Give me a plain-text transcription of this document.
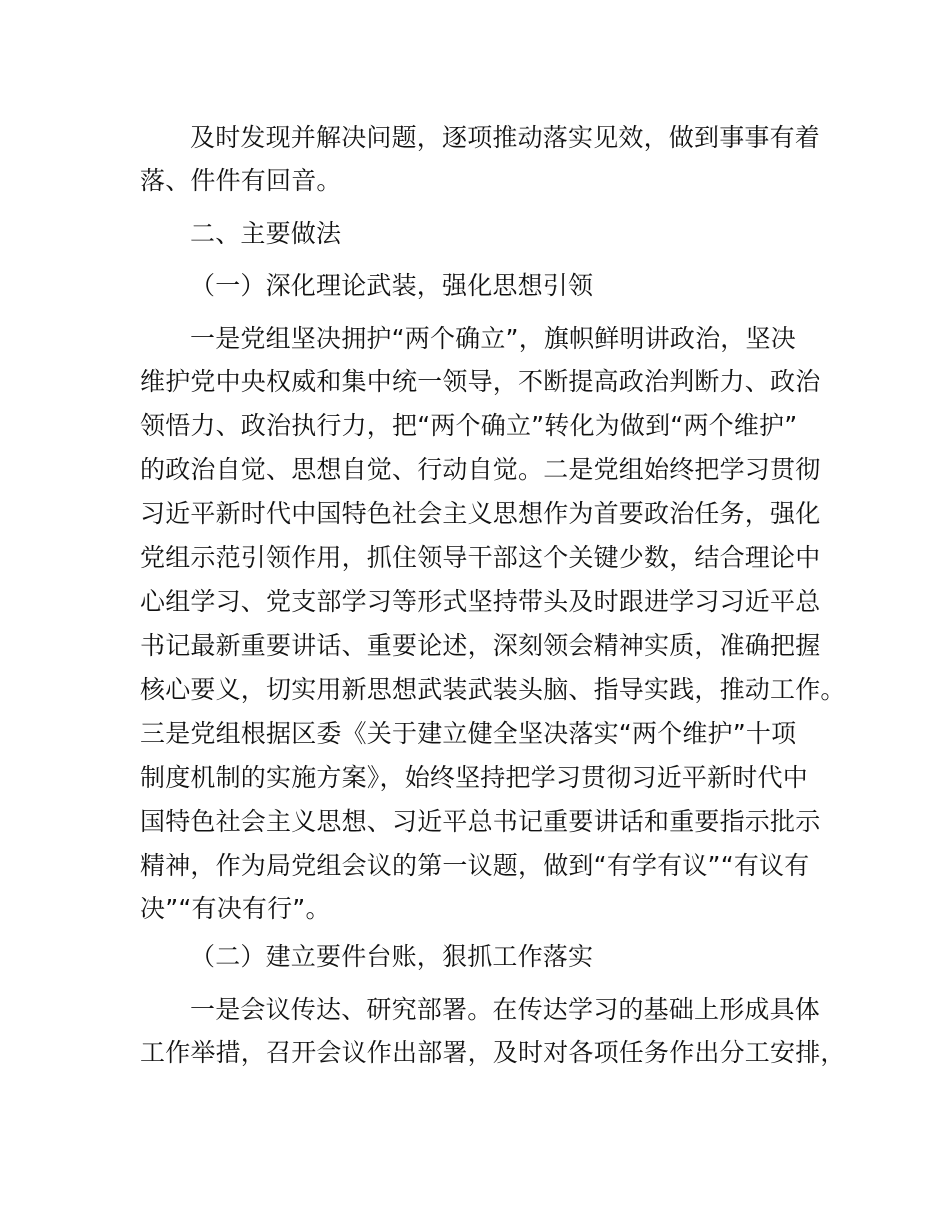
及时发现并解决问题，逐项推动落实见效，做到事事有着

落、件件有回音。

二、主要做法

（一）深化理论武装，强化思想引领

一是党组坚决拥护“两个确立”，旗帜鲜明讲政治，坚决

维护党中央权威和集中统一领导，不断提高政治判断力、政治

领悟力、政治执行力，把“两个确立”转化为做到“两个维护”

的政治自觉、思想自觉、行动自觉。二是党组始终把学习贯彻

习近平新时代中国特色社会主义思想作为首要政治任务，强化

党组示范引领作用，抓住领导干部这个关键少数，结合理论中

心组学习、党支部学习等形式坚持带头及时跟进学习习近平总

书记最新重要讲话、重要论述，深刻领会精神实质，准确把握

核心要义，切实用新思想武装武装头脑、指导实践，推动工作。

三是党组根据区委《关于建立健全坚决落实“两个维护”十项

制度机制的实施方案》，始终坚持把学习贯彻习近平新时代中

国特色社会主义思想、习近平总书记重要讲话和重要指示批示

精神，作为局党组会议的第一议题，做到“有学有议”“有议有

决”“有决有行”。

（二）建立要件台账，狠抓工作落实

一是会议传达、研究部署。在传达学习的基础上形成具体

工作举措，召开会议作出部署，及时对各项任务作出分工安排，
